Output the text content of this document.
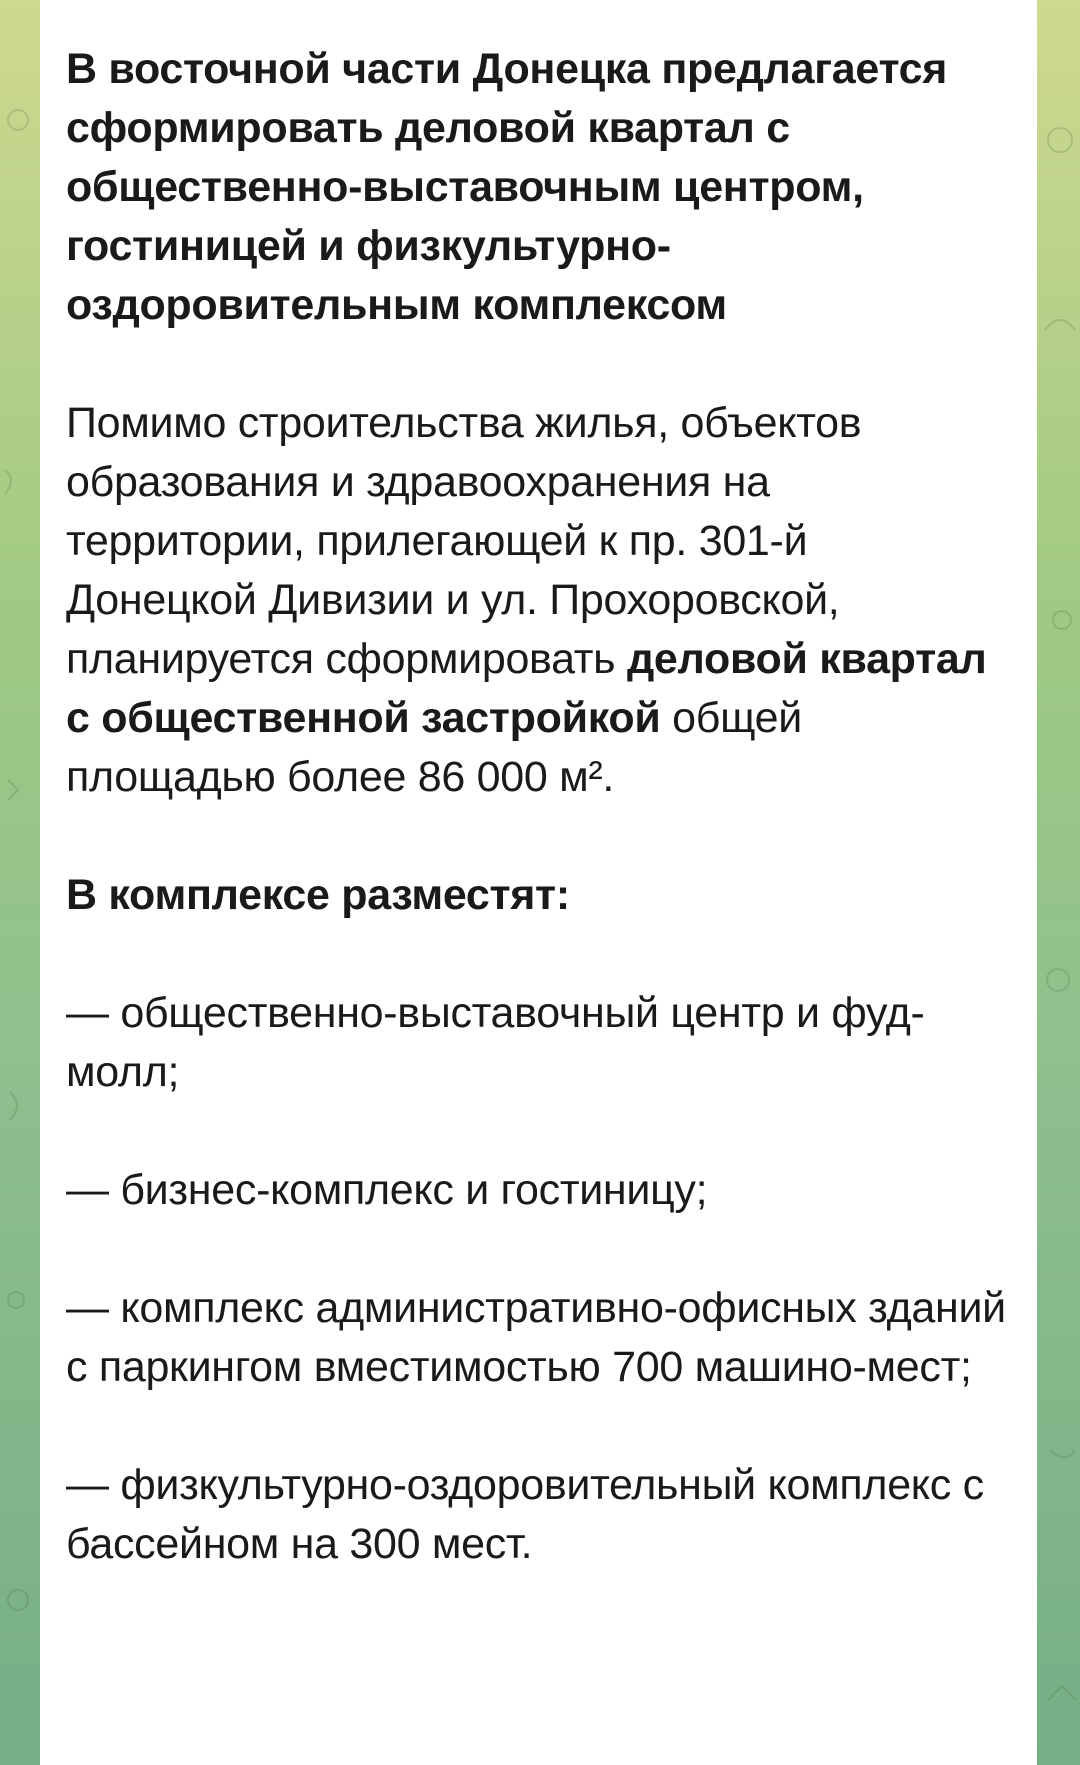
В восточной части Донецка предлагается сформировать деловой квартал с общественно-выставочным центром, гостиницей и физкультурно-оздоровительным комплексом

Помимо строительства жилья, объектов образования и здравоохранения на территории, прилегающей к пр. 301-й Донецкой Дивизии и ул. Прохоровской, планируется сформировать деловой квартал с общественной застройкой общей площадью более 86 000 м².

В комплексе разместят:

— общественно-выставочный центр и фуд-молл;

— бизнес-комплекс и гостиницу;

— комплекс административно-офисных зданий с паркингом вместимостью 700 машино-мест;

— физкультурно-оздоровительный комплекс с бассейном на 300 мест.
